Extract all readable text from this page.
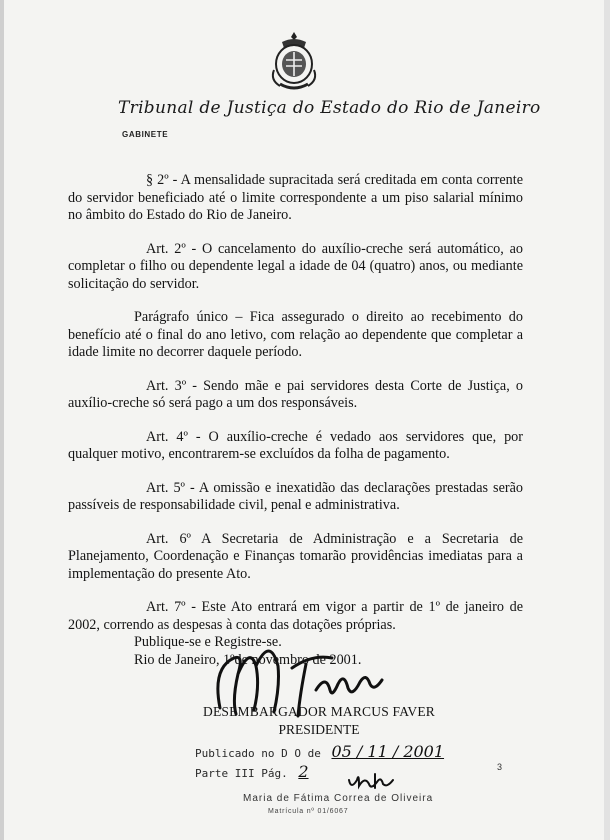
Tribunal de Justiça do Estado do Rio de Janeiro
GABINETE

§ 2º - A mensalidade supracitada será creditada em conta corrente do servidor beneficiado até o limite correspondente a um piso salarial mínimo no âmbito do Estado do Rio de Janeiro.

Art. 2º - O cancelamento do auxílio-creche será automático, ao completar o filho ou dependente legal a idade de 04 (quatro) anos, ou mediante solicitação do servidor.

Parágrafo único – Fica assegurado o direito ao recebimento do benefício até o final do ano letivo, com relação ao dependente que completar a idade limite no decorrer daquele período.

Art. 3º - Sendo mãe e pai servidores desta Corte de Justiça, o auxílio-creche só será pago a um dos responsáveis.

Art. 4º - O auxílio-creche é vedado aos servidores que, por qualquer motivo, encontrarem-se excluídos da folha de pagamento.

Art. 5º - A omissão e inexatidão das declarações prestadas serão passíveis de responsabilidade civil, penal e administrativa.

Art. 6º A Secretaria de Administração e a Secretaria de Planejamento, Coordenação e Finanças tomarão providências imediatas para a implementação do presente Ato.

Art. 7º - Este Ato entrará em vigor a partir de 1º de janeiro de 2002, correndo as despesas à conta das dotações próprias.

Publique-se e Registre-se.

Rio de Janeiro, 1ºde novembro de 2001.

DESEMBARGADOR MARCUS FAVER
PRESIDENTE
Publicado no D O de 05 / 11 / 2001
Parte III Pág. 2
Maria de Fátima Correa de Oliveira
Matrícula nº 01/6067
3
